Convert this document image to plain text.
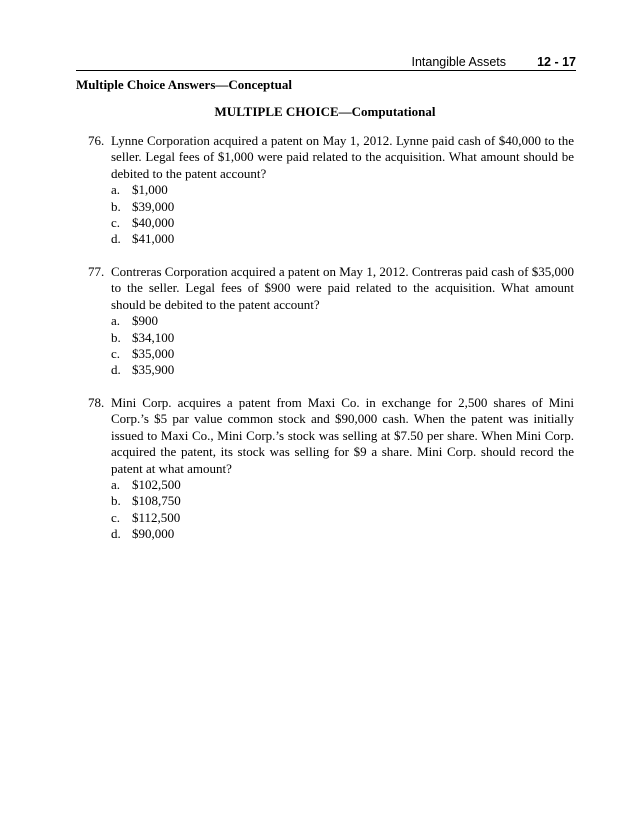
Intangible Assets 12 - 17
Multiple Choice Answers—Conceptual
MULTIPLE CHOICE—Computational
76. Lynne Corporation acquired a patent on May 1, 2012. Lynne paid cash of $40,000 to the seller. Legal fees of $1,000 were paid related to the acquisition. What amount should be debited to the patent account?
a. $1,000
b. $39,000
c. $40,000
d. $41,000
77. Contreras Corporation acquired a patent on May 1, 2012. Contreras paid cash of $35,000 to the seller. Legal fees of $900 were paid related to the acquisition. What amount should be debited to the patent account?
a. $900
b. $34,100
c. $35,000
d. $35,900
78. Mini Corp. acquires a patent from Maxi Co. in exchange for 2,500 shares of Mini Corp.’s $5 par value common stock and $90,000 cash. When the patent was initially issued to Maxi Co., Mini Corp.’s stock was selling at $7.50 per share. When Mini Corp. acquired the patent, its stock was selling for $9 a share. Mini Corp. should record the patent at what amount?
a. $102,500
b. $108,750
c. $112,500
d. $90,000
